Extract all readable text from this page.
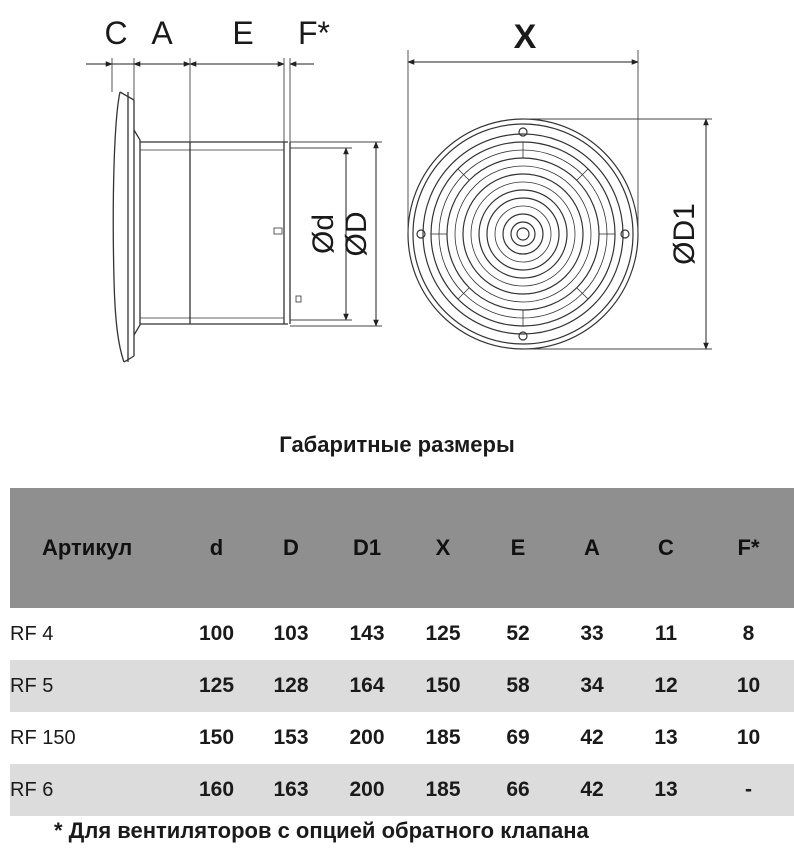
C A E F*
Ød ØD
X
ØD1
Габаритные размеры
Артикул	d	D	D1	X	E	A	C	F*
RF 4	100	103	143	125	52	33	11	8
RF 5	125	128	164	150	58	34	12	10
RF 150	150	153	200	185	69	42	13	10
RF 6	160	163	200	185	66	42	13	-
* Для вентиляторов с опцией обратного клапана
